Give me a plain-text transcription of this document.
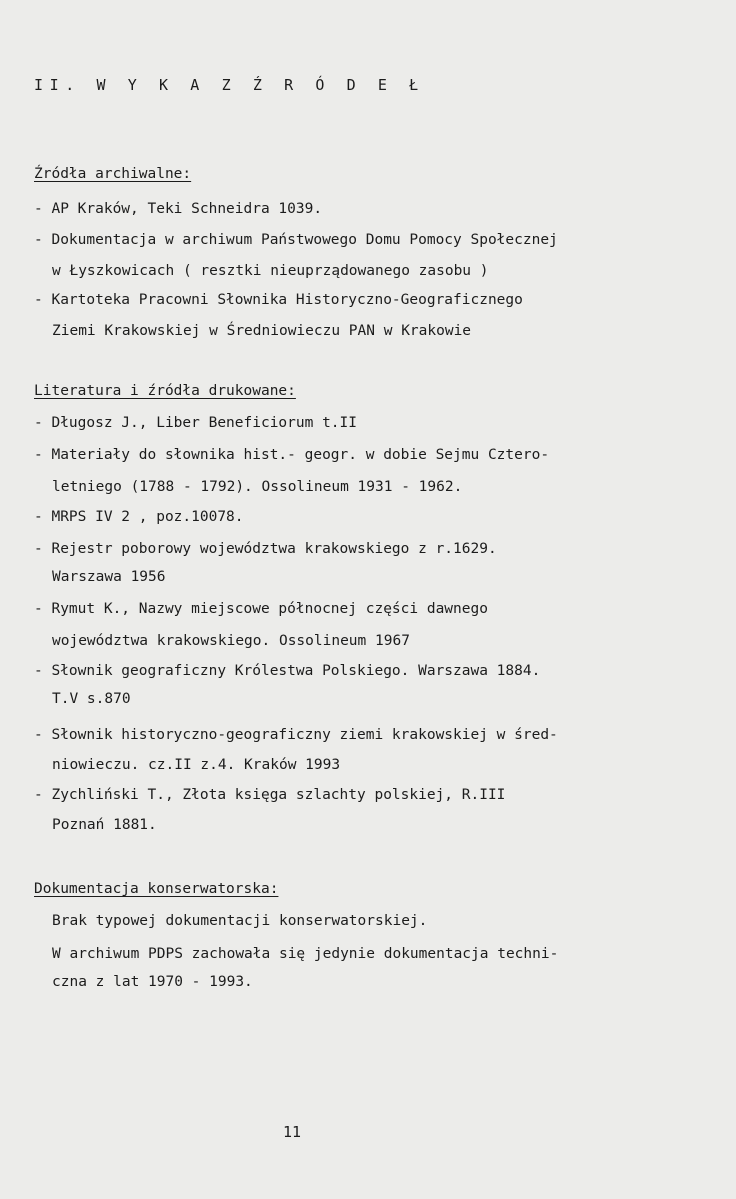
II. W Y K A Z Ź R Ó D E Ł
Źródła archiwalne:
- AP Kraków, Teki Schneidra 1039.
- Dokumentacja w archiwum Państwowego Domu Pomocy Społecznej
w Łyszkowicach ( resztki nieuprządowanego zasobu )
- Kartoteka Pracowni Słownika Historyczno-Geograficznego
Ziemi Krakowskiej w Średniowieczu PAN w Krakowie
Literatura i źródła drukowane:
- Długosz J., Liber Beneficiorum t.II
- Materiały do słownika hist.- geogr. w dobie Sejmu Cztero-
letniego (1788 - 1792). Ossolineum 1931 - 1962.
- MRPS IV 2 , poz.10078.
- Rejestr poborowy województwa krakowskiego z r.1629.
Warszawa 1956
- Rymut K., Nazwy miejscowe północnej części dawnego
województwa krakowskiego. Ossolineum 1967
- Słownik geograficzny Królestwa Polskiego. Warszawa 1884.
T.V s.870
- Słownik historyczno-geograficzny ziemi krakowskiej w śred-
niowieczu. cz.II z.4. Kraków 1993
- Zychliński T., Złota księga szlachty polskiej, R.III
Poznań 1881.
Dokumentacja konserwatorska:
Brak typowej dokumentacji konserwatorskiej.
W archiwum PDPS zachowała się jedynie dokumentacja techni-
czna z lat 1970 - 1993.
11
